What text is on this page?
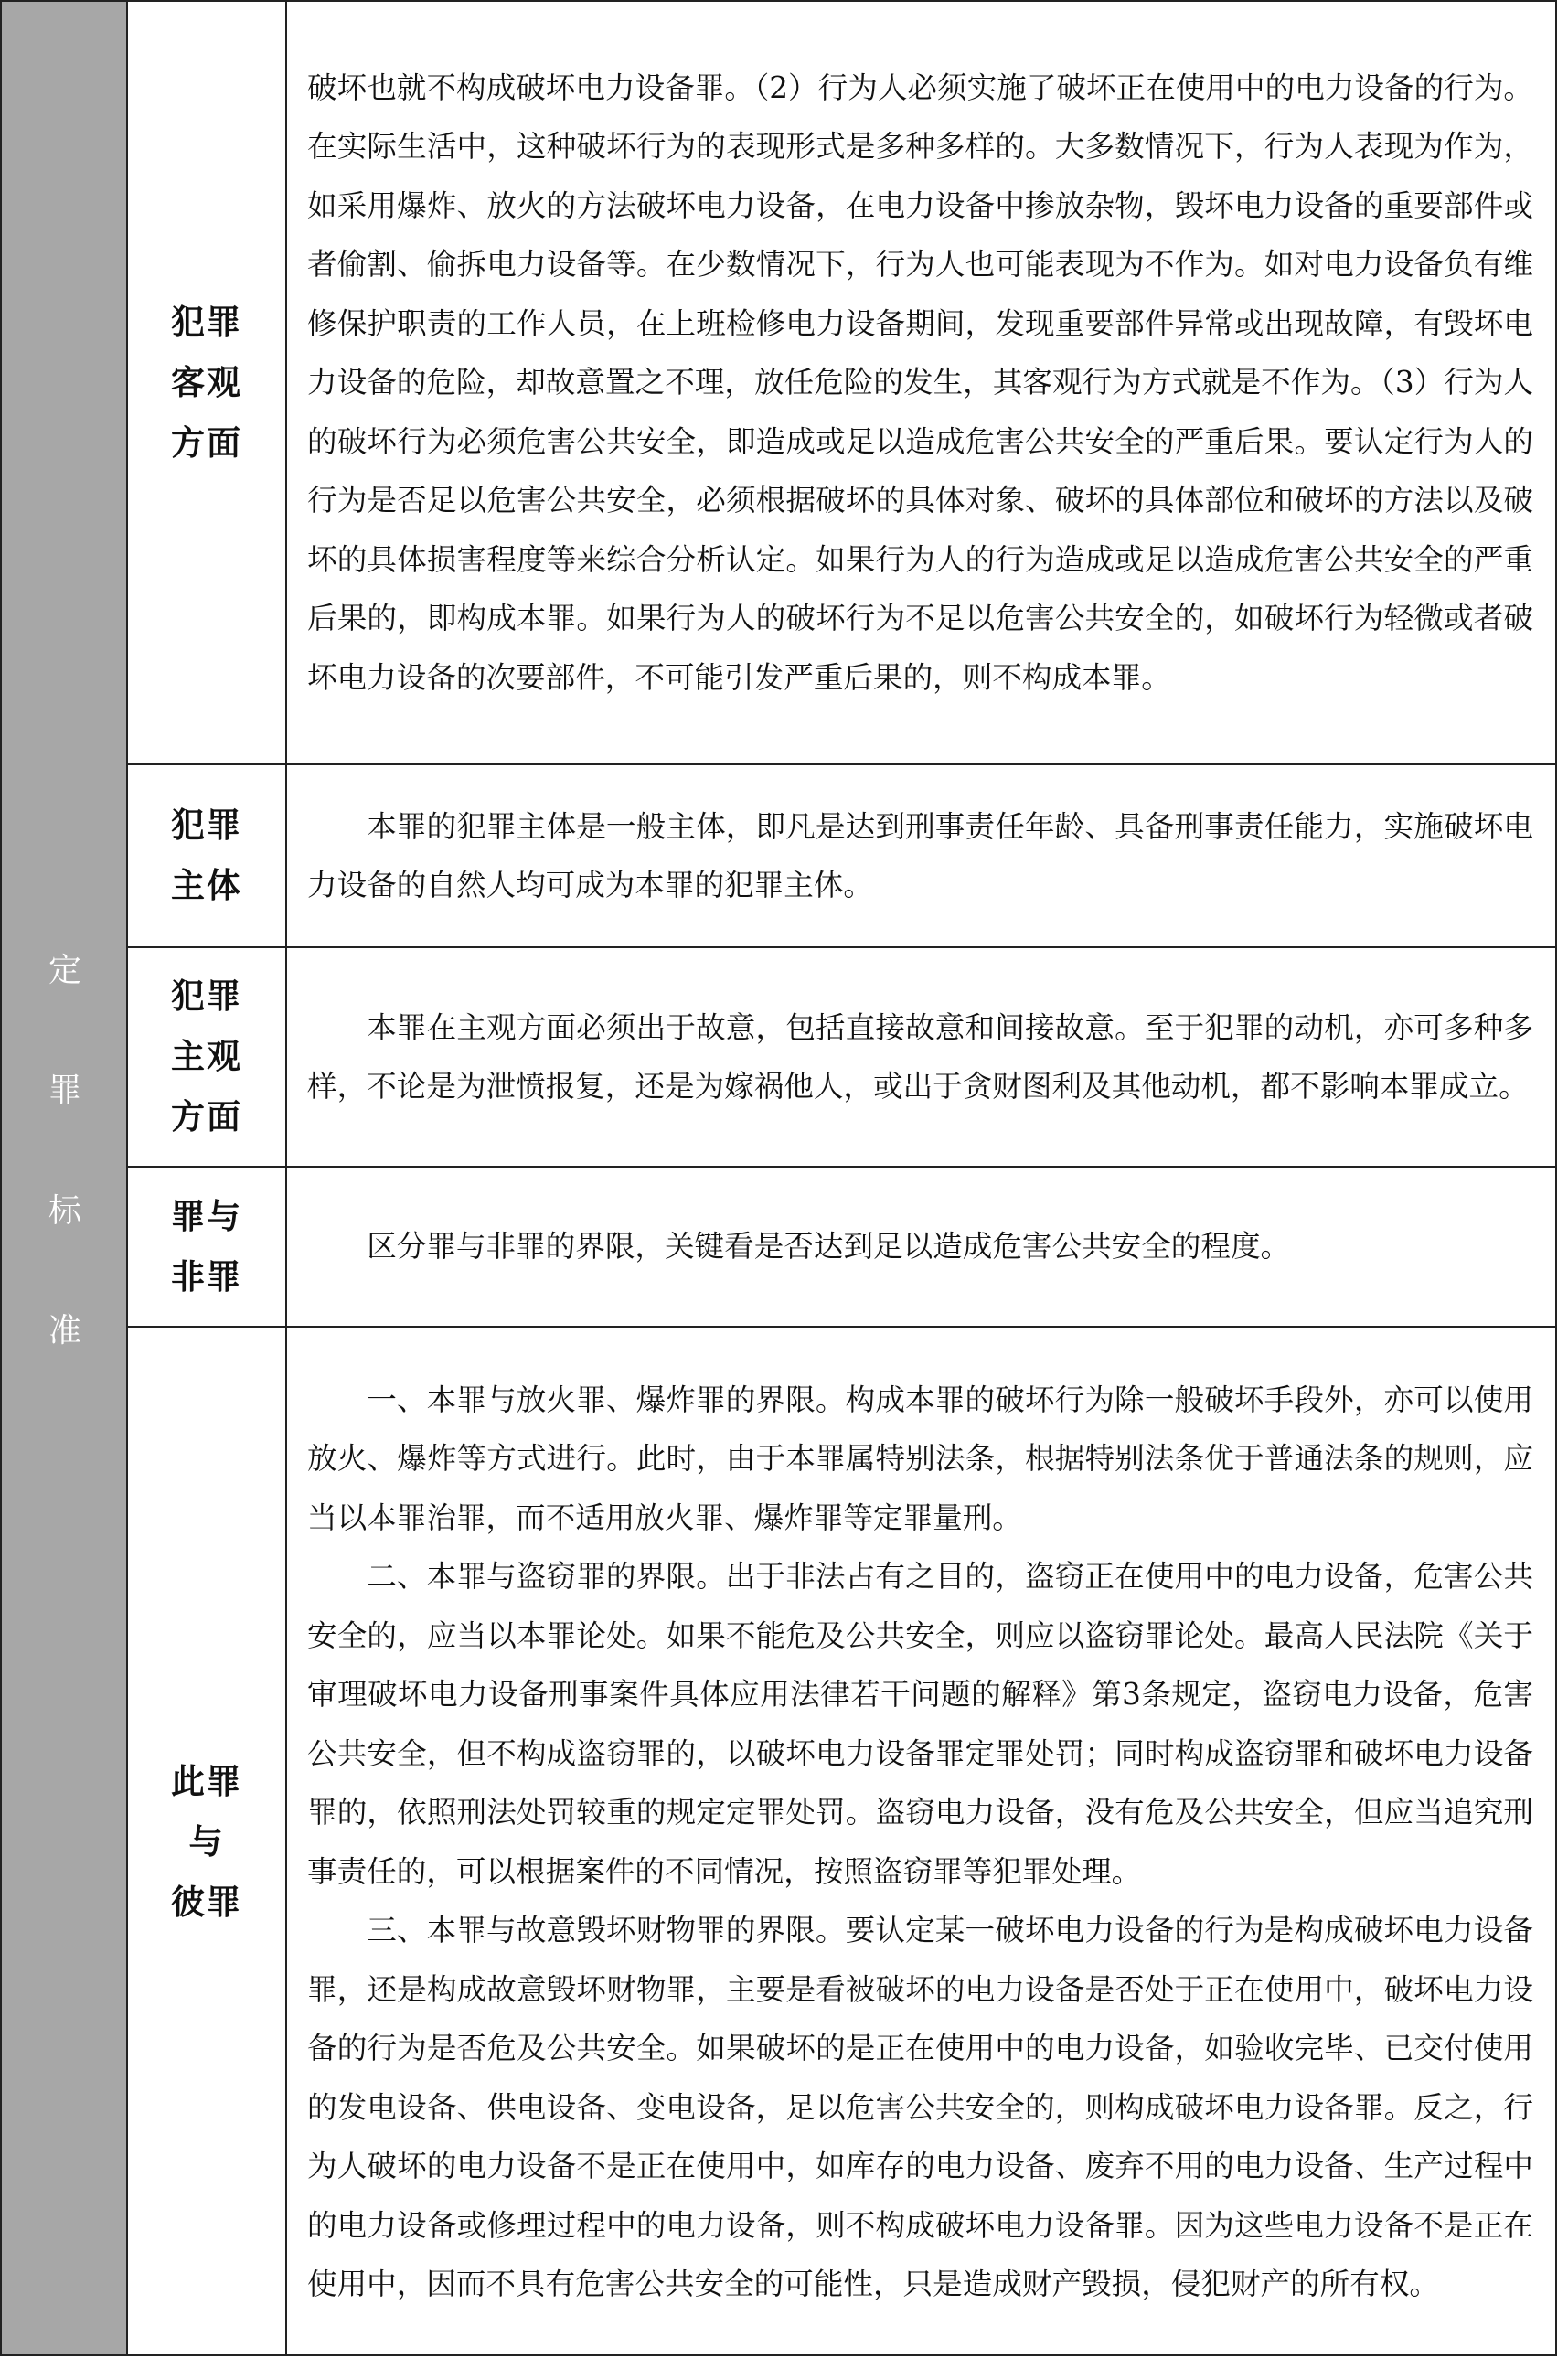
定
罪
标
准
犯罪
客观
方面

破坏也就不构成破坏电力设备罪。（2）行为人必须实施了破坏正在使用中的电力设备的行为。在实际生活中，这种破坏行为的表现形式是多种多样的。大多数情况下，行为人表现为作为，如采用爆炸、放火的方法破坏电力设备，在电力设备中掺放杂物，毁坏电力设备的重要部件或者偷割、偷拆电力设备等。在少数情况下，行为人也可能表现为不作为。如对电力设备负有维修保护职责的工作人员，在上班检修电力设备期间，发现重要部件异常或出现故障，有毁坏电力设备的危险，却故意置之不理，放任危险的发生，其客观行为方式就是不作为。（3）行为人的破坏行为必须危害公共安全，即造成或足以造成危害公共安全的严重后果。要认定行为人的行为是否足以危害公共安全，必须根据破坏的具体对象、破坏的具体部位和破坏的方法以及破坏的具体损害程度等来综合分析认定。如果行为人的行为造成或足以造成危害公共安全的严重后果的，即构成本罪。如果行为人的破坏行为不足以危害公共安全的，如破坏行为轻微或者破坏电力设备的次要部件，不可能引发严重后果的，则不构成本罪。

犯罪
主体

本罪的犯罪主体是一般主体，即凡是达到刑事责任年龄、具备刑事责任能力，实施破坏电力设备的自然人均可成为本罪的犯罪主体。

犯罪
主观
方面

本罪在主观方面必须出于故意，包括直接故意和间接故意。至于犯罪的动机，亦可多种多样，不论是为泄愤报复，还是为嫁祸他人，或出于贪财图利及其他动机，都不影响本罪成立。

罪与
非罪

区分罪与非罪的界限，关键看是否达到足以造成危害公共安全的程度。

此罪
与
彼罪

一、本罪与放火罪、爆炸罪的界限。构成本罪的破坏行为除一般破坏手段外，亦可以使用放火、爆炸等方式进行。此时，由于本罪属特别法条，根据特别法条优于普通法条的规则，应当以本罪治罪，而不适用放火罪、爆炸罪等定罪量刑。

二、本罪与盗窃罪的界限。出于非法占有之目的，盗窃正在使用中的电力设备，危害公共安全的，应当以本罪论处。如果不能危及公共安全，则应以盗窃罪论处。最高人民法院《关于审理破坏电力设备刑事案件具体应用法律若干问题的解释》第3条规定，盗窃电力设备，危害公共安全，但不构成盗窃罪的，以破坏电力设备罪定罪处罚；同时构成盗窃罪和破坏电力设备罪的，依照刑法处罚较重的规定定罪处罚。盗窃电力设备，没有危及公共安全，但应当追究刑事责任的，可以根据案件的不同情况，按照盗窃罪等犯罪处理。

三、本罪与故意毁坏财物罪的界限。要认定某一破坏电力设备的行为是构成破坏电力设备罪，还是构成故意毁坏财物罪，主要是看被破坏的电力设备是否处于正在使用中，破坏电力设备的行为是否危及公共安全。如果破坏的是正在使用中的电力设备，如验收完毕、已交付使用的发电设备、供电设备、变电设备，足以危害公共安全的，则构成破坏电力设备罪。反之，行为人破坏的电力设备不是正在使用中，如库存的电力设备、废弃不用的电力设备、生产过程中的电力设备或修理过程中的电力设备，则不构成破坏电力设备罪。因为这些电力设备不是正在使用中，因而不具有危害公共安全的可能性，只是造成财产毁损，侵犯财产的所有权。
